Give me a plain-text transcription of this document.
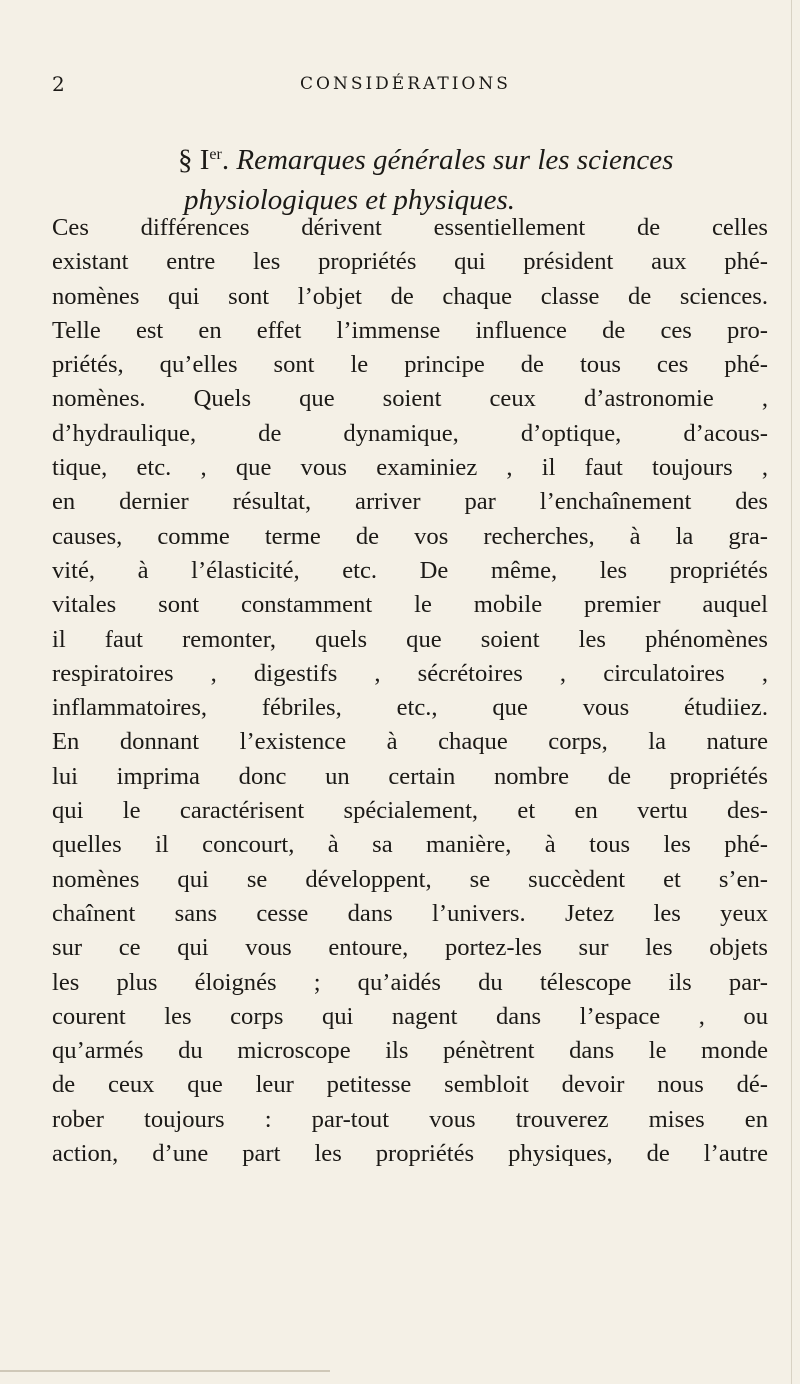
2	CONSIDÉRATIONS
§ Ier. Remarques générales sur les sciences
physiologiques et physiques.
Ces différences dérivent essentiellement de celles
existant entre les propriétés qui président aux phé-
nomènes qui sont l’objet de chaque classe de sciences.
Telle est en effet l’immense influence de ces pro-
priétés, qu’elles sont le principe de tous ces phé-
nomènes. Quels que soient ceux d’astronomie ,
d’hydraulique, de dynamique, d’optique, d’acous-
tique, etc. , que vous examiniez , il faut toujours ,
en dernier résultat, arriver par l’enchaînement des
causes, comme terme de vos recherches, à la gra-
vité, à l’élasticité, etc. De même, les propriétés
vitales sont constamment le mobile premier auquel
il faut remonter, quels que soient les phénomènes
respiratoires , digestifs , sécrétoires , circulatoires ,
inflammatoires, fébriles, etc., que vous étudiiez.
En donnant l’existence à chaque corps, la nature
lui imprima donc un certain nombre de propriétés
qui le caractérisent spécialement, et en vertu des-
quelles il concourt, à sa manière, à tous les phé-
nomènes qui se développent, se succèdent et s’en-
chaînent sans cesse dans l’univers. Jetez les yeux
sur ce qui vous entoure, portez-les sur les objets
les plus éloignés ; qu’aidés du télescope ils par-
courent les corps qui nagent dans l’espace , ou
qu’armés du microscope ils pénètrent dans le monde
de ceux que leur petitesse sembloit devoir nous dé-
rober toujours : par-tout vous trouverez mises en
action, d’une part les propriétés physiques, de l’autre
